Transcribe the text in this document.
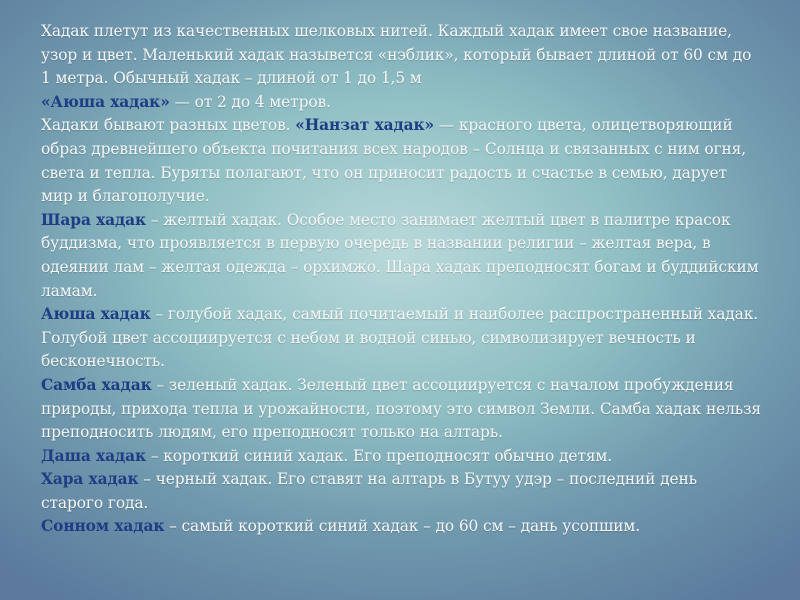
Хадак плетут из качественных шелковых нитей. Каждый хадак имеет свое название, узор и цвет. Маленький хадак назывется «нэблик», который бывает длиной от 60 см до 1 метра. Обычный хадак – длиной от 1 до 1,5 м

«Аюша хадак» — от 2 до 4 метров.

Хадаки бывают разных цветов. «Нанзат хадак» — красного цвета, олицетворяющий образ древнейшего объекта почитания всех народов – Солнца и связанных с ним огня, света и тепла. Буряты полагают, что он приносит радость и счастье в семью, дарует мир и благополучие.

Шара хадак – желтый хадак. Особое место занимает желтый цвет в палитре красок буддизма, что проявляется в первую очередь в названии религии – желтая вера, в одеянии лам – желтая одежда – орхимжо. Шара хадак преподносят богам и буддийским ламам.

Аюша хадак – голубой хадак, самый почитаемый и наиболее распространенный хадак. Голубой цвет ассоциируется с небом и водной синью, символизирует вечность и бесконечность.

Самба хадак – зеленый хадак. Зеленый цвет ассоциируется с началом пробуждения природы, прихода тепла и урожайности, поэтому это символ Земли. Самба хадак нельзя преподносить людям, его преподносят только на алтарь.

Даша хадак – короткий синий хадак. Его преподносят обычно детям.

Хара хадак – черный хадак. Его ставят на алтарь в Бутуу удэр – последний день старого года.

Сонном хадак – самый короткий синий хадак – до 60 см – дань усопшим.
